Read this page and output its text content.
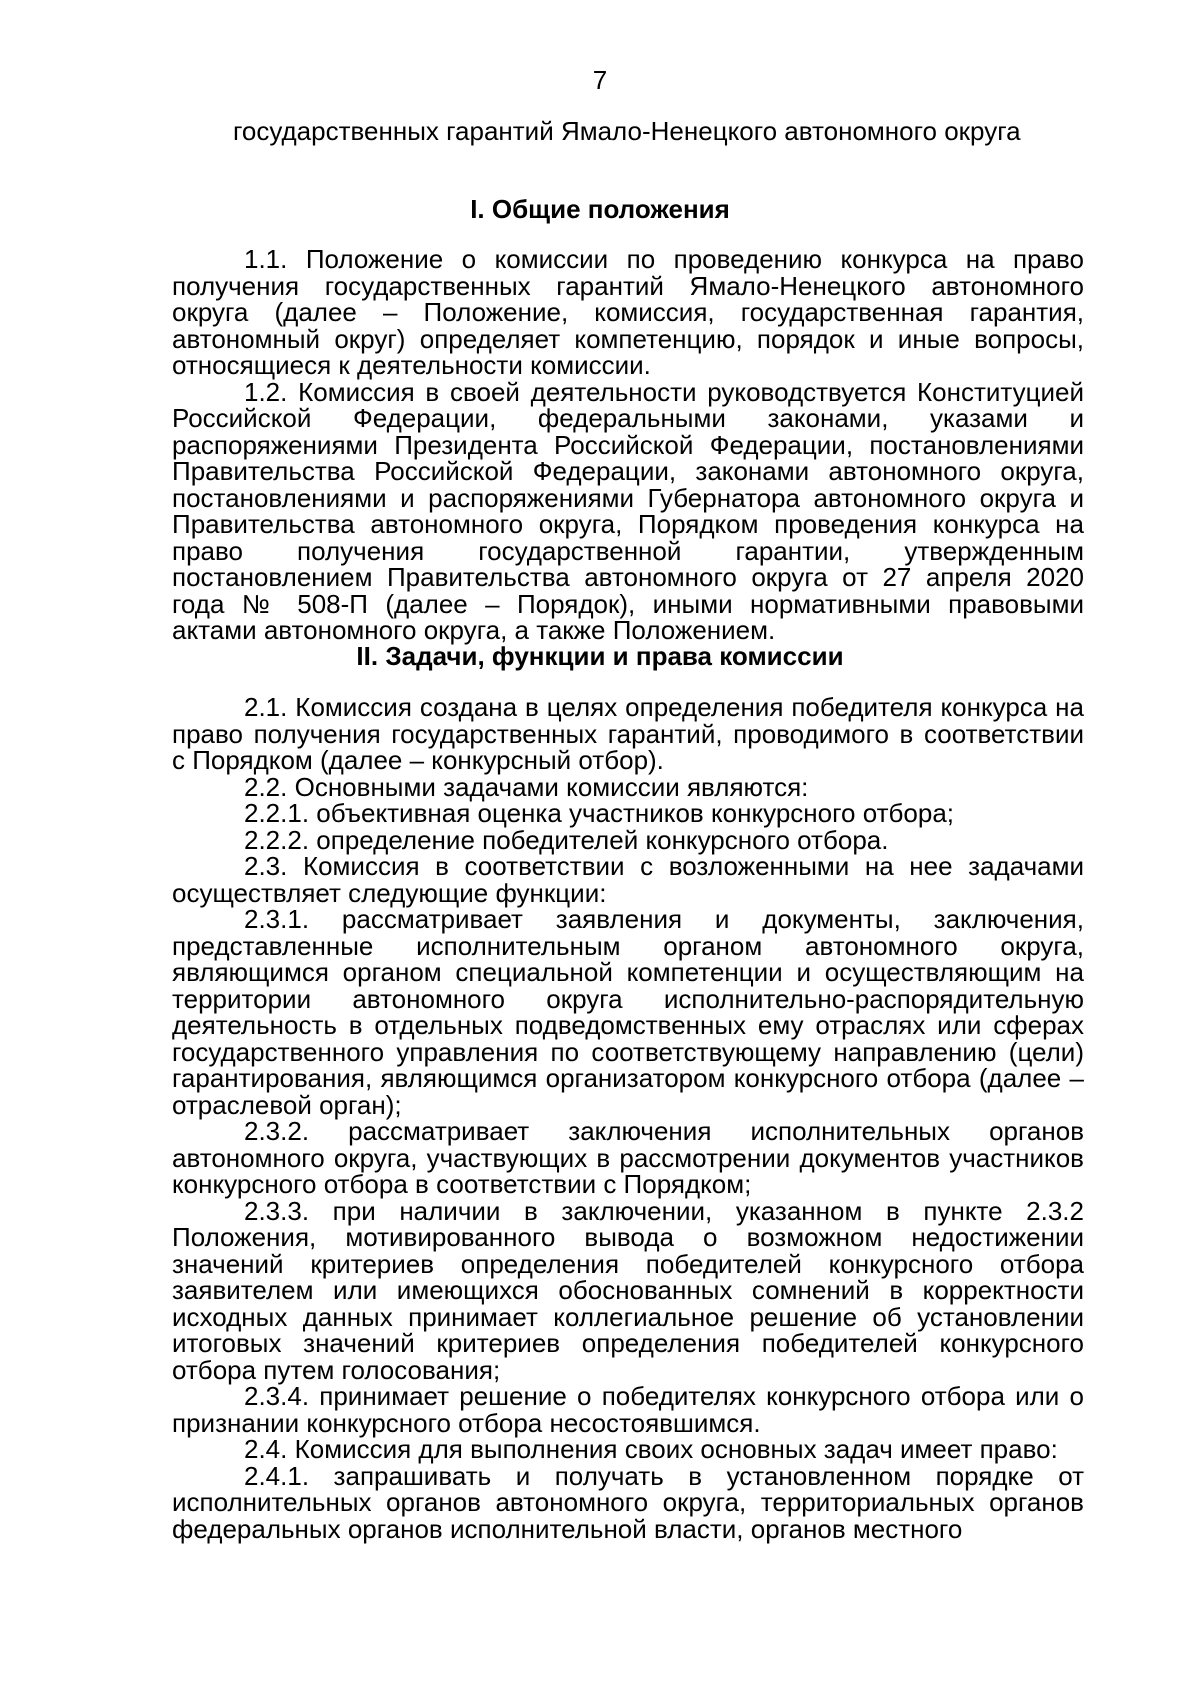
7
государственных гарантий Ямало-Ненецкого автономного округа
I. Общие положения

1.1. Положение о комиссии по проведению конкурса на право получения государственных гарантий Ямало-Ненецкого автономного округа (далее – Положение, комиссия, государственная гарантия, автономный округ) определяет компетенцию, порядок и иные вопросы, относящиеся к деятельности комиссии.

1.2. Комиссия в своей деятельности руководствуется Конституцией Российской Федерации, федеральными законами, указами и распоряжениями Президента Российской Федерации, постановлениями Правительства Российской Федерации, законами автономного округа, постановлениями и распоряжениями Губернатора автономного округа и Правительства автономного округа, Порядком проведения конкурса на право получения государственной гарантии, утвержденным постановлением Правительства автономного округа от 27 апреля 2020 года № 508-П (далее – Порядок), иными нормативными правовыми актами автономного округа, а также Положением.

II. Задачи, функции и права комиссии

2.1. Комиссия создана в целях определения победителя конкурса на право получения государственных гарантий, проводимого в соответствии с Порядком (далее – конкурсный отбор).

2.2. Основными задачами комиссии являются:

2.2.1. объективная оценка участников конкурсного отбора;

2.2.2. определение победителей конкурсного отбора.

2.3. Комиссия в соответствии с возложенными на нее задачами осуществляет следующие функции:

2.3.1. рассматривает заявления и документы, заключения, представленные исполнительным органом автономного округа, являющимся органом специальной компетенции и осуществляющим на территории автономного округа исполнительно-распорядительную деятельность в отдельных подведомственных ему отраслях или сферах государственного управления по соответствующему направлению (цели) гарантирования, являющимся организатором конкурсного отбора (далее – отраслевой орган);

2.3.2. рассматривает заключения исполнительных органов автономного округа, участвующих в рассмотрении документов участников конкурсного отбора в соответствии с Порядком;

2.3.3. при наличии в заключении, указанном в пункте 2.3.2 Положения, мотивированного вывода о возможном недостижении значений критериев определения победителей конкурсного отбора заявителем или имеющихся обоснованных сомнений в корректности исходных данных принимает коллегиальное решение об установлении итоговых значений критериев определения победителей конкурсного отбора путем голосования;

2.3.4. принимает решение о победителях конкурсного отбора или о признании конкурсного отбора несостоявшимся.

2.4. Комиссия для выполнения своих основных задач имеет право:

2.4.1. запрашивать и получать в установленном порядке от исполнительных органов автономного округа, территориальных органов федеральных органов исполнительной власти, органов местного
